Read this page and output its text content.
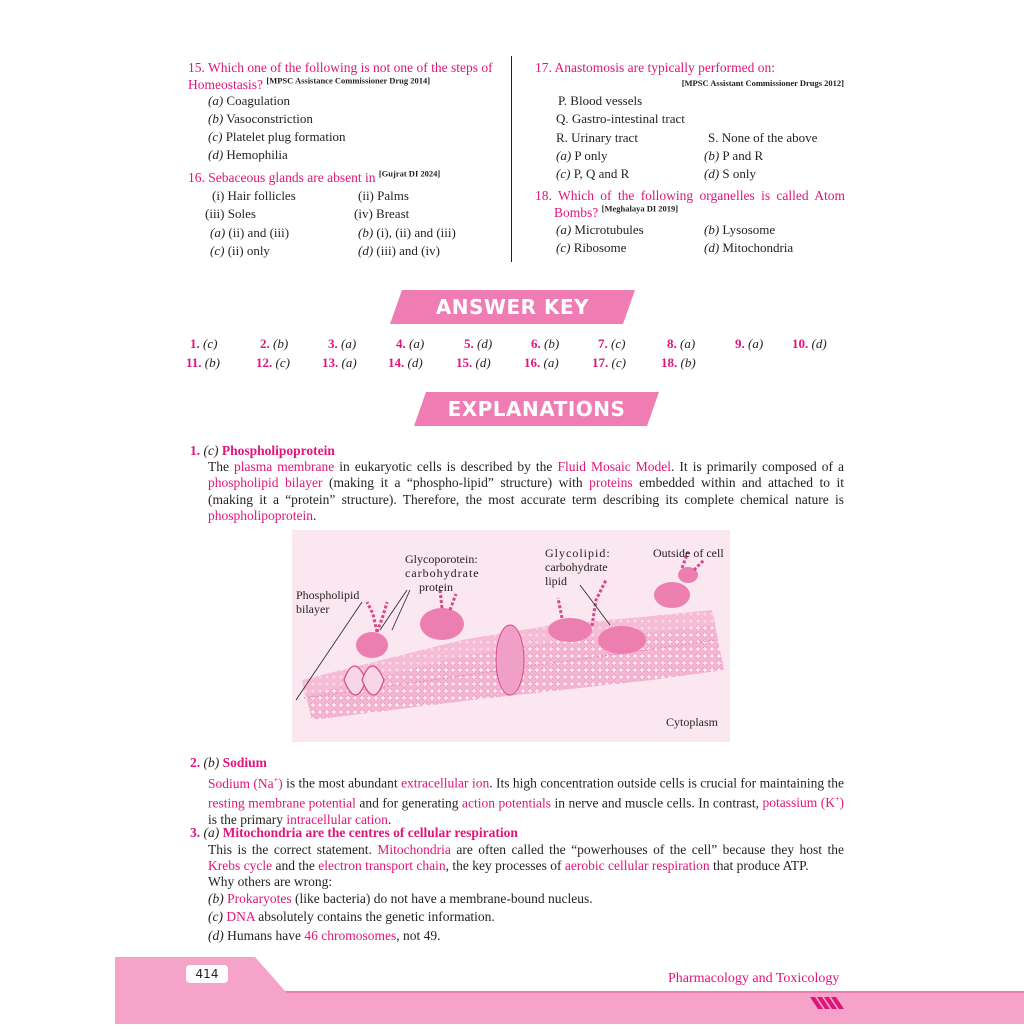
15. Which one of the following is not one of the steps of Homeostasis? [MPSC Assistance Commissioner Drug 2014]
(a) Coagulation
(b) Vasoconstriction
(c) Platelet plug formation
(d) Hemophilia
16. Sebaceous glands are absent in [Gujrat DI 2024]
(i) Hair follicles	(ii) Palms
(iii) Soles	(iv) Breast
(a) (ii) and (iii)	(b) (i), (ii) and (iii)
(c) (ii) only	(d) (iii) and (iv)
17. Anastomosis are typically performed on:
[MPSC Assistant Commissioner Drugs 2012]
P. Blood vessels
Q. Gastro-intestinal tract
R. Urinary tract	S. None of the above
(a) P only	(b) P and R
(c) P, Q and R	(d) S only
18. Which of the following organelles is called Atom
Bombs? [Meghalaya DI 2019]
(a) Microtubules	(b) Lysosome
(c) Ribosome	(d) Mitochondria
ANSWER KEY
1. (c)	2. (b)	3. (a)	4. (a)	5. (d)	6. (b)	7. (c)	8. (a)	9. (a) 10. (d)
11. (b)	12. (c) 13. (a) 14. (d)	15. (d)	16. (a)	17. (c)	18. (b)
EXPLANATIONS
1. (c) Phospholipoprotein
The plasma membrane in eukaryotic cells is described by the Fluid Mosaic Model. It is primarily composed of a phospholipid bilayer (making it a “phospho-lipid” structure) with proteins embedded within and attached to it (making it a “protein” structure). Therefore, the most accurate term describing its complete chemical nature is phospholipoprotein.
Glycoporotein:
carbohydrate
protein
Glycolipid:
carbohydrate
lipid
Outside of cell
Phospholipid
bilayer
Cytoplasm
2. (b) Sodium
Sodium (Na+) is the most abundant extracellular ion. Its high concentration outside cells is crucial for maintaining the resting membrane potential and for generating action potentials in nerve and muscle cells. In contrast, potassium (K+) is the primary intracellular cation.
3. (a) Mitochondria are the centres of cellular respiration
This is the correct statement. Mitochondria are often called the “powerhouses of the cell” because they host the Krebs cycle and the electron transport chain, the key processes of aerobic cellular respiration that produce ATP.
Why others are wrong:
(b) Prokaryotes (like bacteria) do not have a membrane-bound nucleus.
(c) DNA absolutely contains the genetic information.
(d) Humans have 46 chromosomes, not 49.
414	Pharmacology and Toxicology
